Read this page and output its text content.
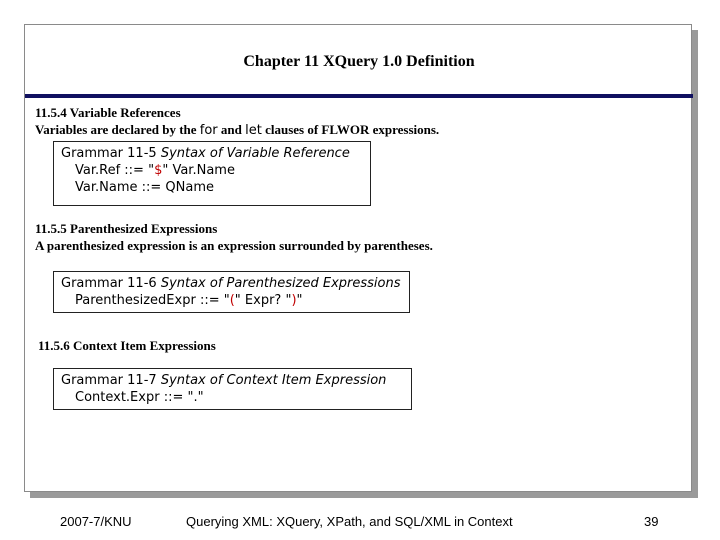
Chapter 11 XQuery 1.0 Definition
11.5.4 Variable References
Variables are declared by the for and let clauses of FLWOR expressions.
Grammar 11-5 Syntax of Variable Reference
Var.Ref ::= "$" Var.Name
Var.Name ::= QName
11.5.5 Parenthesized Expressions
A parenthesized expression is an expression surrounded by parentheses.
Grammar 11-6 Syntax of Parenthesized Expressions
ParenthesizedExpr ::= "(" Expr? ")"
11.5.6 Context Item Expressions
Grammar 11-7 Syntax of Context Item Expression
Context.Expr ::= "."
2007-7/KNU	Querying XML: XQuery, XPath, and SQL/XML in Context	39
